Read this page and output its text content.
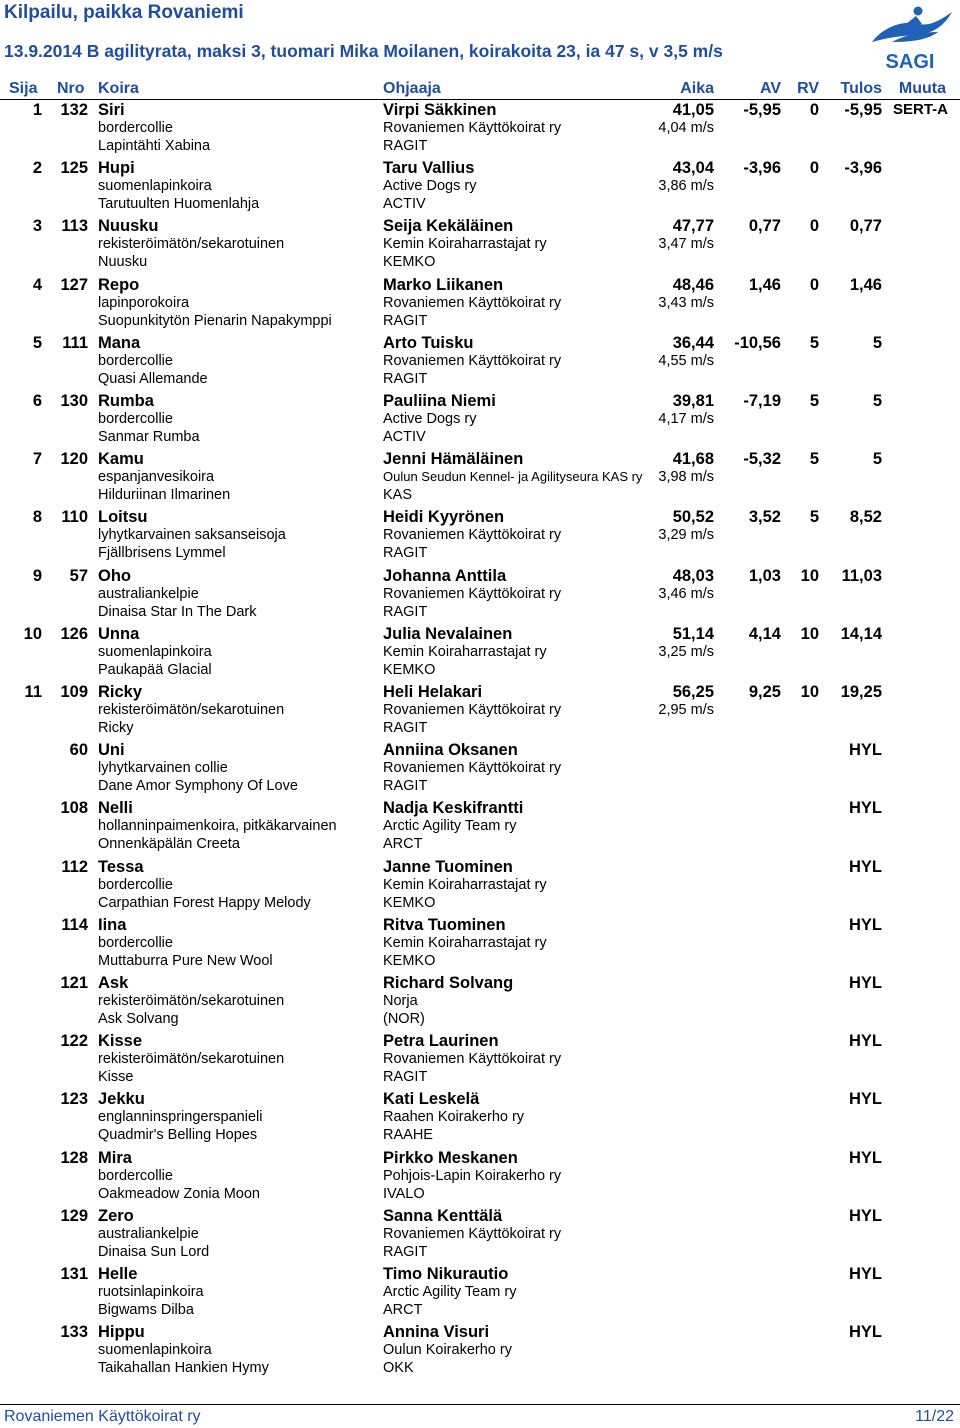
Kilpailu, paikka Rovaniemi
13.9.2014 B agilityrata, maksi 3, tuomari Mika Moilanen, koirakoita 23, ia 47 s, v 3,5 m/s	SAGI
Sija Nro Koira	Ohjaaja	Aika	AV RV Tulos Muuta
1 132 Siri	Virpi Säkkinen	41,05 -5,95 0 -5,95 SERT-A
bordercollie	Rovaniemen Käyttökoirat ry	4,04 m/s
Lapintähti Xabina	RAGIT
2 125 Hupi	Taru Vallius	43,04 -3,96 0 -3,96
suomenlapinkoira	Active Dogs ry	3,86 m/s
Tarutuulten Huomenlahja	ACTIV
3 113 Nuusku	Seija Kekäläinen	47,77 0,77 0 0,77
rekisteröimätön/sekarotuinen	Kemin Koiraharrastajat ry	3,47 m/s
Nuusku	KEMKO
4 127 Repo	Marko Liikanen	48,46 1,46 0 1,46
lapinporokoira	Rovaniemen Käyttökoirat ry	3,43 m/s
Suopunkitytön Pienarin Napakymppi	RAGIT
5 111 Mana	Arto Tuisku	36,44 -10,56 5	5
bordercollie	Rovaniemen Käyttökoirat ry	4,55 m/s
Quasi Allemande	RAGIT
6 130 Rumba	Pauliina Niemi	39,81 -7,19 5	5
bordercollie	Active Dogs ry	4,17 m/s
Sanmar Rumba	ACTIV
7 120 Kamu	Jenni Hämäläinen	41,68 -5,32 5	5
espanjanvesikoira	Oulun Seudun Kennel- ja Agilityseura KAS ry 3,98 m/s
Hilduriinan Ilmarinen	KAS
8 110 Loitsu	Heidi Kyyrönen	50,52 3,52 5 8,52
lyhytkarvainen saksanseisoja	Rovaniemen Käyttökoirat ry	3,29 m/s
Fjällbrisens Lymmel	RAGIT
9 57 Oho	Johanna Anttila	48,03 1,03 10 11,03
australiankelpie	Rovaniemen Käyttökoirat ry	3,46 m/s
Dinaisa Star In The Dark	RAGIT
10 126 Unna	Julia Nevalainen	51,14 4,14 10 14,14
suomenlapinkoira	Kemin Koiraharrastajat ry	3,25 m/s
Paukapää Glacial	KEMKO
11 109 Ricky	Heli Helakari	56,25 9,25 10 19,25
rekisteröimätön/sekarotuinen	Rovaniemen Käyttökoirat ry	2,95 m/s
Ricky	RAGIT
60 Uni	Anniina Oksanen	HYL
lyhytkarvainen collie	Rovaniemen Käyttökoirat ry
Dane Amor Symphony Of Love	RAGIT
108 Nelli	Nadja Keskifrantti	HYL
hollanninpaimenkoira, pitkäkarvainen	Arctic Agility Team ry
Onnenkäpälän Creeta	ARCT
112 Tessa	Janne Tuominen	HYL
bordercollie	Kemin Koiraharrastajat ry
Carpathian Forest Happy Melody	KEMKO
114 Iina	Ritva Tuominen	HYL
bordercollie	Kemin Koiraharrastajat ry
Muttaburra Pure New Wool	KEMKO
121 Ask	Richard Solvang	HYL
rekisteröimätön/sekarotuinen	Norja
Ask Solvang	(NOR)
122 Kisse	Petra Laurinen	HYL
rekisteröimätön/sekarotuinen	Rovaniemen Käyttökoirat ry
Kisse	RAGIT
123 Jekku	Kati Leskelä	HYL
englanninspringerspanieli	Raahen Koirakerho ry
Quadmir's Belling Hopes	RAAHE
128 Mira	Pirkko Meskanen	HYL
bordercollie	Pohjois-Lapin Koirakerho ry
Oakmeadow Zonia Moon	IVALO
129 Zero	Sanna Kenttälä	HYL
australiankelpie	Rovaniemen Käyttökoirat ry
Dinaisa Sun Lord	RAGIT
131 Helle	Timo Nikurautio	HYL
ruotsinlapinkoira	Arctic Agility Team ry
Bigwams Dilba	ARCT
133 Hippu	Annina Visuri	HYL
suomenlapinkoira	Oulun Koirakerho ry
Taikahallan Hankien Hymy	OKK
Rovaniemen Käyttökoirat ry	11/22
